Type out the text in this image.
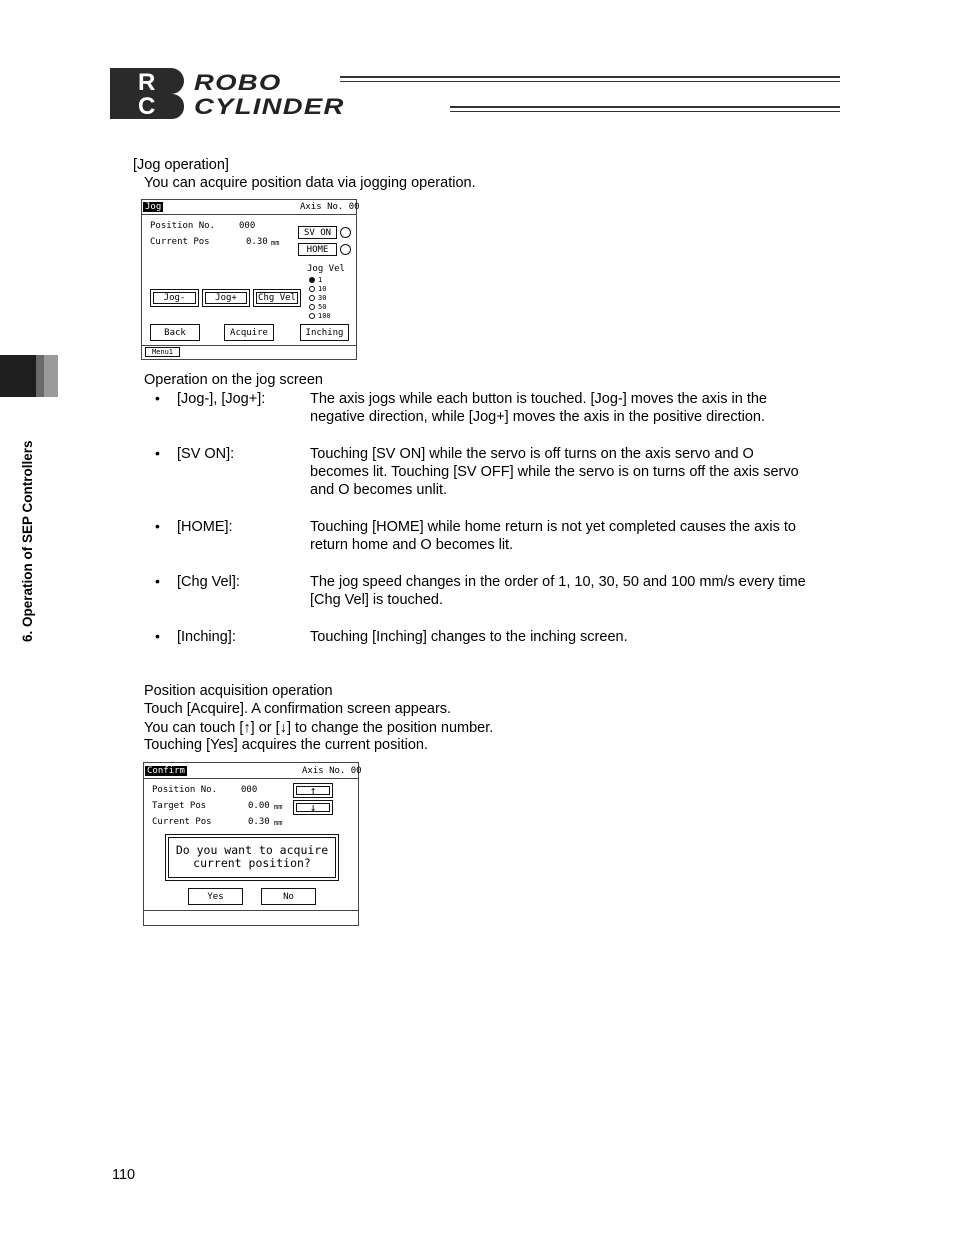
R
C
ROBO
CYLINDER
6. Operation of SEP Controllers
[Jog operation]
You can acquire position data via jogging operation.
Jog	Axis No. 00
Position No.	000
Current Pos	0.30 mm
SV ON
HOME
Jog Vel
1
10
30
50
100
Jog-	Jog+ Chg Vel
Back	Acquire	Inching
Menu1
Operation on the jog screen
• [Jog-], [Jog+]:	The axis jogs while each button is touched. [Jog-] moves the axis in the
negative direction, while [Jog+] moves the axis in the positive direction.
• [SV ON]:	Touching [SV ON] while the servo is off turns on the axis servo and O
becomes lit. Touching [SV OFF] while the servo is on turns off the axis servo
and O becomes unlit.
• [HOME]:	Touching [HOME] while home return is not yet completed causes the axis to
return home and O becomes lit.
• [Chg Vel]:	The jog speed changes in the order of 1, 10, 30, 50 and 100 mm/s every time
[Chg Vel] is touched.
• [Inching]:	Touching [Inching] changes to the inching screen.
Position acquisition operation
Touch [Acquire]. A confirmation screen appears.
You can touch [↑] or [↓] to change the position number.
Touching [Yes] acquires the current position.
Confirm	Axis No. 00
Position No.	000
Target Pos	0.00 mm
Current Pos	0.30 mm
↑
↓
Do you want to acquire
current position?
Yes	No
110
